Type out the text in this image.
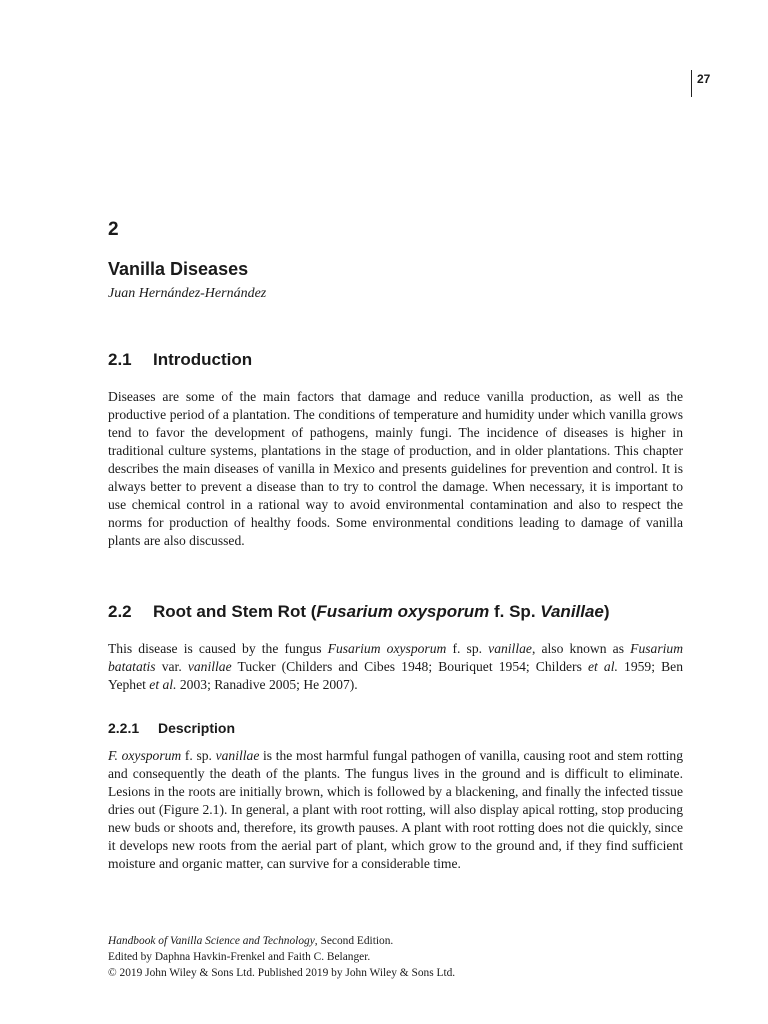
27
2
Vanilla Diseases
Juan Hernández-Hernández
2.1 Introduction

Diseases are some of the main factors that damage and reduce vanilla production, as well as the productive period of a plantation. The conditions of temperature and humidity under which vanilla grows tend to favor the development of pathogens, mainly fungi. The incidence of diseases is higher in traditional culture systems, plantations in the stage of production, and in older plantations. This chapter describes the main diseases of vanilla in Mexico and presents guidelines for prevention and control. It is always better to prevent a disease than to try to control the damage. When necessary, it is important to use chemical control in a rational way to avoid environmental contamination and also to respect the norms for production of healthy foods. Some environmental conditions leading to damage of vanilla plants are also discussed.

2.2 Root and Stem Rot (Fusarium oxysporum f. Sp. Vanillae)

This disease is caused by the fungus Fusarium oxysporum f. sp. vanillae, also known as Fusarium batatatis var. vanillae Tucker (Childers and Cibes 1948; Bouriquet 1954; Childers et al. 1959; Ben Yephet et al. 2003; Ranadive 2005; He 2007).

2.2.1 Description

F. oxysporum f. sp. vanillae is the most harmful fungal pathogen of vanilla, causing root and stem rotting and consequently the death of the plants. The fungus lives in the ground and is difficult to eliminate. Lesions in the roots are initially brown, which is followed by a blackening, and finally the infected tissue dries out (Figure 2.1). In general, a plant with root rotting, will also display apical rotting, stop producing new buds or shoots and, therefore, its growth pauses. A plant with root rotting does not die quickly, since it develops new roots from the aerial part of plant, which grow to the ground and, if they find sufficient moisture and organic matter, can survive for a considerable time.

Handbook of Vanilla Science and Technology, Second Edition.
Edited by Daphna Havkin-Frenkel and Faith C. Belanger.
© 2019 John Wiley & Sons Ltd. Published 2019 by John Wiley & Sons Ltd.
